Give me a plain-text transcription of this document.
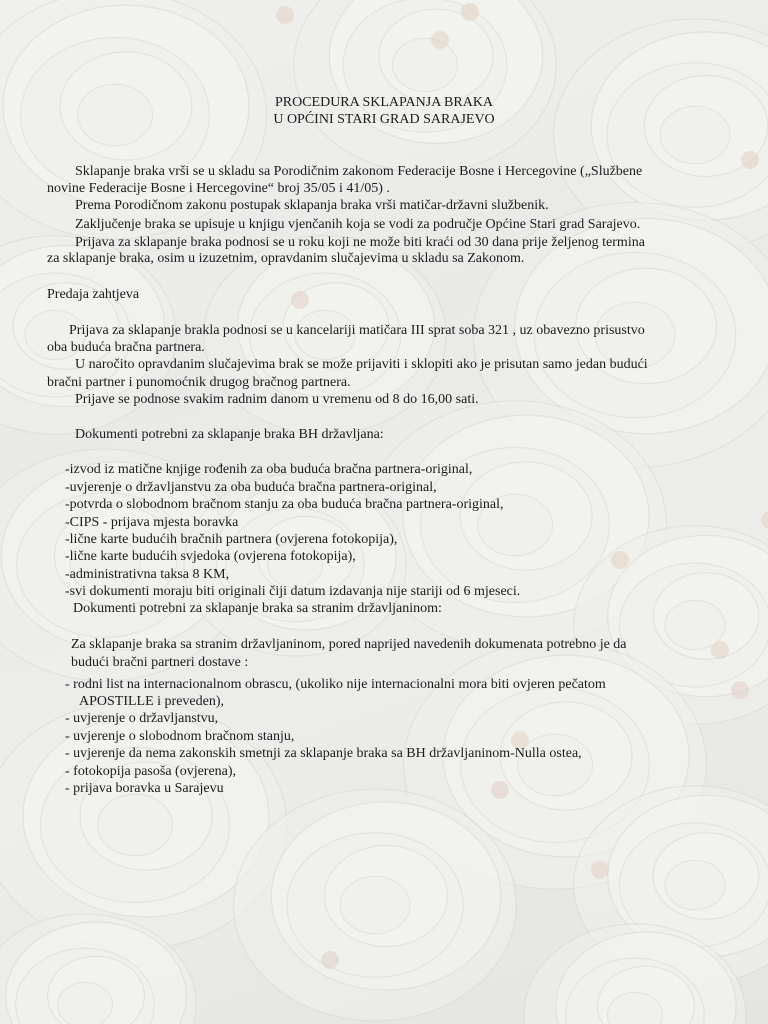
PROCEDURA SKLAPANJA BRAKA
U OPĆINI STARI GRAD SARAJEVO

Sklapanje braka vrši se u skladu sa Porodičnim zakonom Federacije Bosne i Hercegovine („Službene

novine Federacije Bosne i Hercegovine“ broj 35/05 i 41/05) .

Prema Porodičnom zakonu postupak sklapanja braka vrši matičar-državni službenik.

Zaključenje braka se upisuje u knjigu vjenčanih koja se vodi za područje Općine Stari grad Sarajevo.

Prijava za sklapanje braka podnosi se u roku koji ne može biti kraći od 30 dana prije željenog termina

za sklapanje braka, osim u izuzetnim, opravdanim slučajevima u skladu sa Zakonom.

Predaja zahtjeva

Prijava za sklapanje brakla podnosi se u kancelariji matičara III sprat soba 321 , uz obavezno prisustvo

oba buduća bračna partnera.

U naročito opravdanim slučajevima brak se može prijaviti i sklopiti ako je prisutan samo jedan budući

bračni partner i punomoćnik drugog bračnog partnera.

Prijave se podnose svakim radnim danom u vremenu od 8 do 16,00 sati.

Dokumenti potrebni za sklapanje braka BH državljana:

-izvod iz matične knjige rođenih za oba buduća bračna partnera-original,

-uvjerenje o državljanstvu za oba buduća bračna partnera-original,

-potvrda o slobodnom bračnom stanju za oba buduća bračna partnera-original,

-CIPS - prijava mjesta boravka

-lične karte budućih bračnih partnera (ovjerena fotokopija),

-lične karte budućih svjedoka (ovjerena fotokopija),

-administrativna taksa 8 KM,

-svi dokumenti moraju biti originali čiji datum izdavanja nije stariji od 6 mjeseci.

Dokumenti potrebni za sklapanje braka sa stranim državljaninom:

Za sklapanje braka sa stranim državljaninom, pored naprijed navedenih dokumenata potrebno je da

budući bračni partneri dostave :

- rodni list na internacionalnom obrascu, (ukoliko nije internacionalni mora biti ovjeren pečatom

APOSTILLE i preveden),

- uvjerenje o državljanstvu,

- uvjerenje o slobodnom bračnom stanju,

- uvjerenje da nema zakonskih smetnji za sklapanje braka sa BH državljaninom-Nulla ostea,

- fotokopija pasoša (ovjerena),

- prijava boravka u Sarajevu
